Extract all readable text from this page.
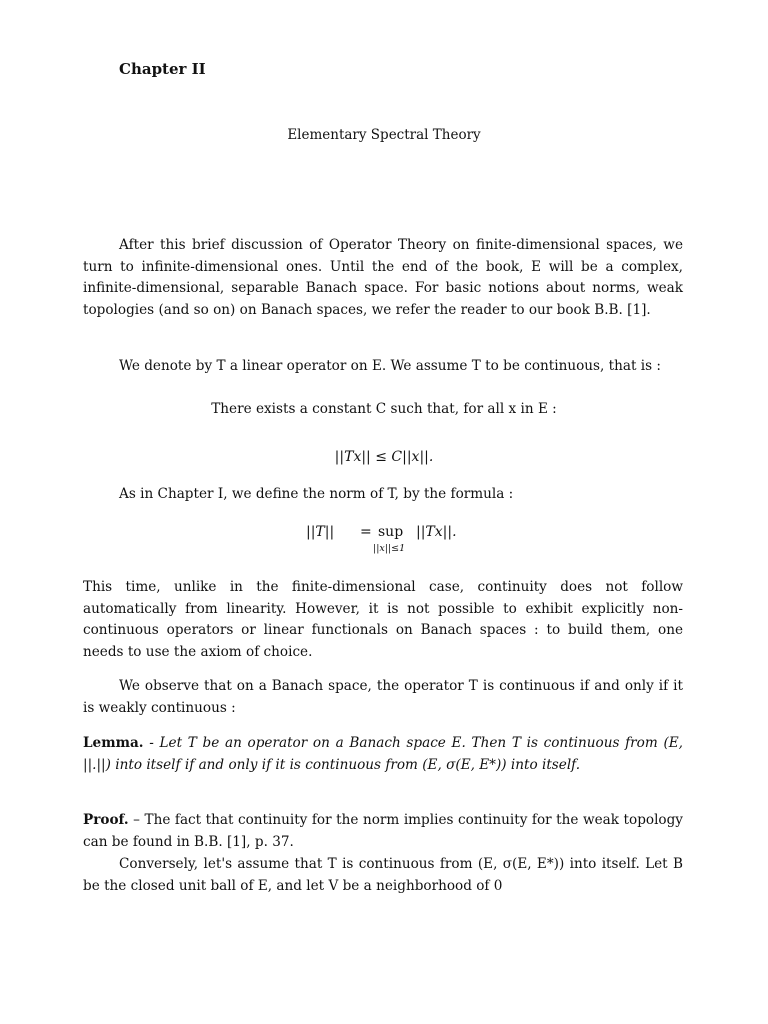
Chapter II
Elementary Spectral Theory

After this brief discussion of Operator Theory on finite-dimensional spaces, we turn to infinite-dimensional ones. Until the end of the book, E will be a complex, infinite-dimensional, separable Banach space. For basic notions about norms, weak topologies (and so on) on Banach spaces, we refer the reader to our book B.B. [1].

We denote by T a linear operator on E. We assume T to be continuous, that is :

There exists a constant C such that, for all x in E :

||Tx|| ≤ C||x||.

As in Chapter I, we define the norm of T, by the formula :

||T|| = sup
||x||≤1
||Tx||.

This time, unlike in the finite-dimensional case, continuity does not follow automatically from linearity. However, it is not possible to exhibit explicitly non-continuous operators or linear functionals on Banach spaces : to build them, one needs to use the axiom of choice.

We observe that on a Banach space, the operator T is continuous if and only if it is weakly continuous :

Lemma. - Let T be an operator on a Banach space E. Then T is continuous from (E, ||.||) into itself if and only if it is continuous from (E, σ(E, E*)) into itself.

Proof. – The fact that continuity for the norm implies continuity for the weak topology can be found in B.B. [1], p. 37.

Conversely, let's assume that T is continuous from (E, σ(E, E*)) into itself. Let B be the closed unit ball of E, and let V be a neighborhood of 0
